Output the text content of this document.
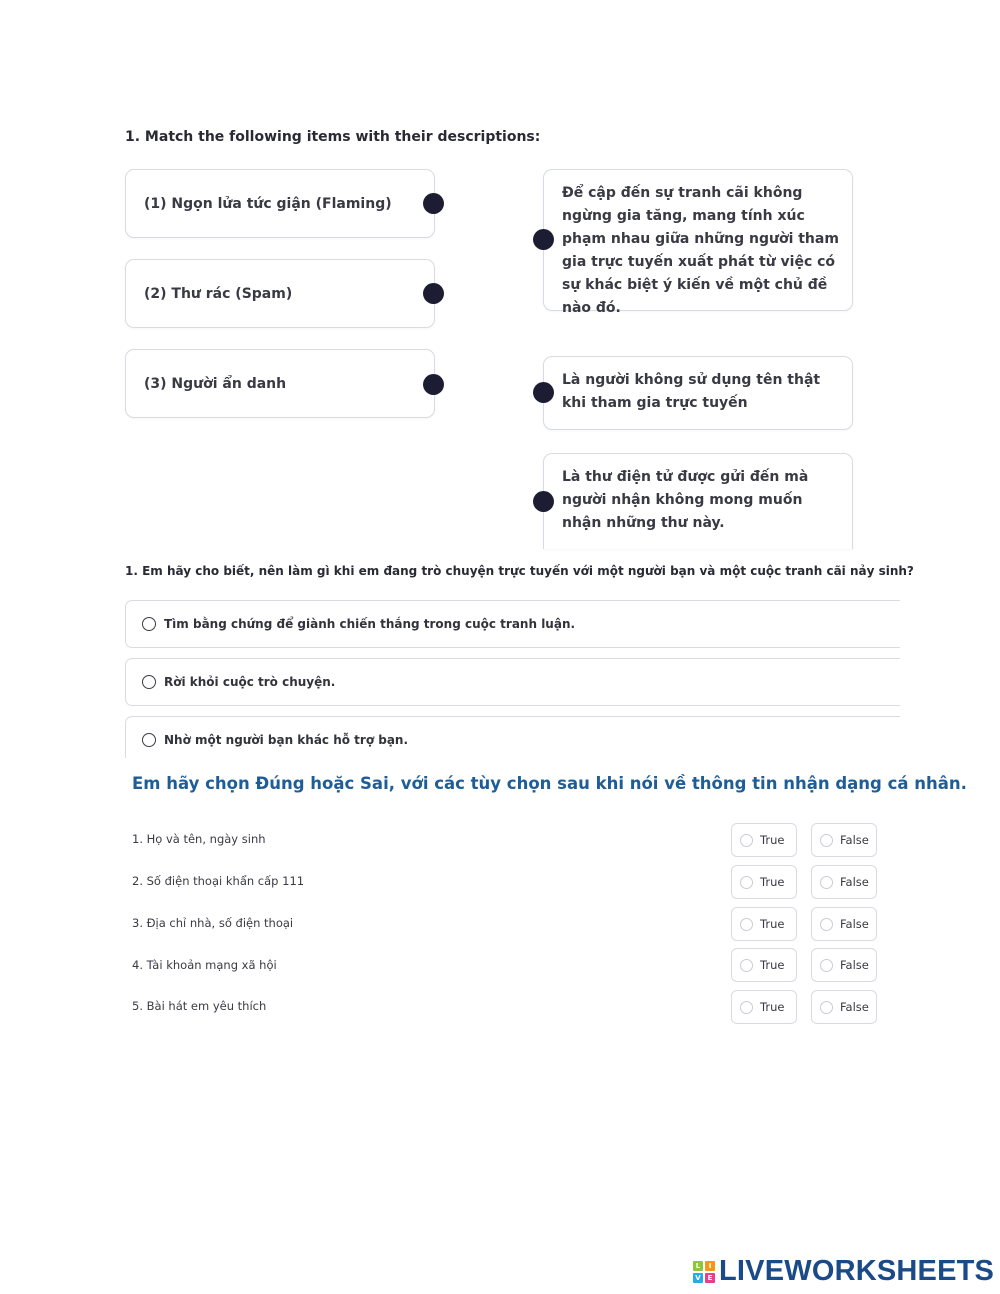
1. Match the following items with their descriptions:
(1) Ngọn lửa tức giận (Flaming)
(2) Thư rác (Spam)
(3) Người ẩn danh
Để cập đến sự tranh cãi không ngừng gia tăng, mang tính xúc phạm nhau giữa những người tham gia trực tuyến xuất phát từ việc có sự khác biệt ý kiến về một chủ đề nào đó.
Là người không sử dụng tên thật khi tham gia trực tuyến
Là thư điện tử được gửi đến mà người nhận không mong muốn nhận những thư này.
1. Em hãy cho biết, nên làm gì khi em đang trò chuyện trực tuyến với một người bạn và một cuộc tranh cãi nảy sinh?
Tìm bằng chứng để giành chiến thắng trong cuộc tranh luận.
Rời khỏi cuộc trò chuyện.
Nhờ một người bạn khác hỗ trợ bạn.
Em hãy chọn Đúng hoặc Sai, với các tùy chọn sau khi nói về thông tin nhận dạng cá nhân.
1. Họ và tên, ngày sinh	True	False
2. Số điện thoại khẩn cấp 111	True	False
3. Địa chỉ nhà, số điện thoại	True	False
4. Tài khoản mạng xã hội	True	False
5. Bài hát em yêu thích	True	False
L	I
V E LIVEWORKSHEETS
